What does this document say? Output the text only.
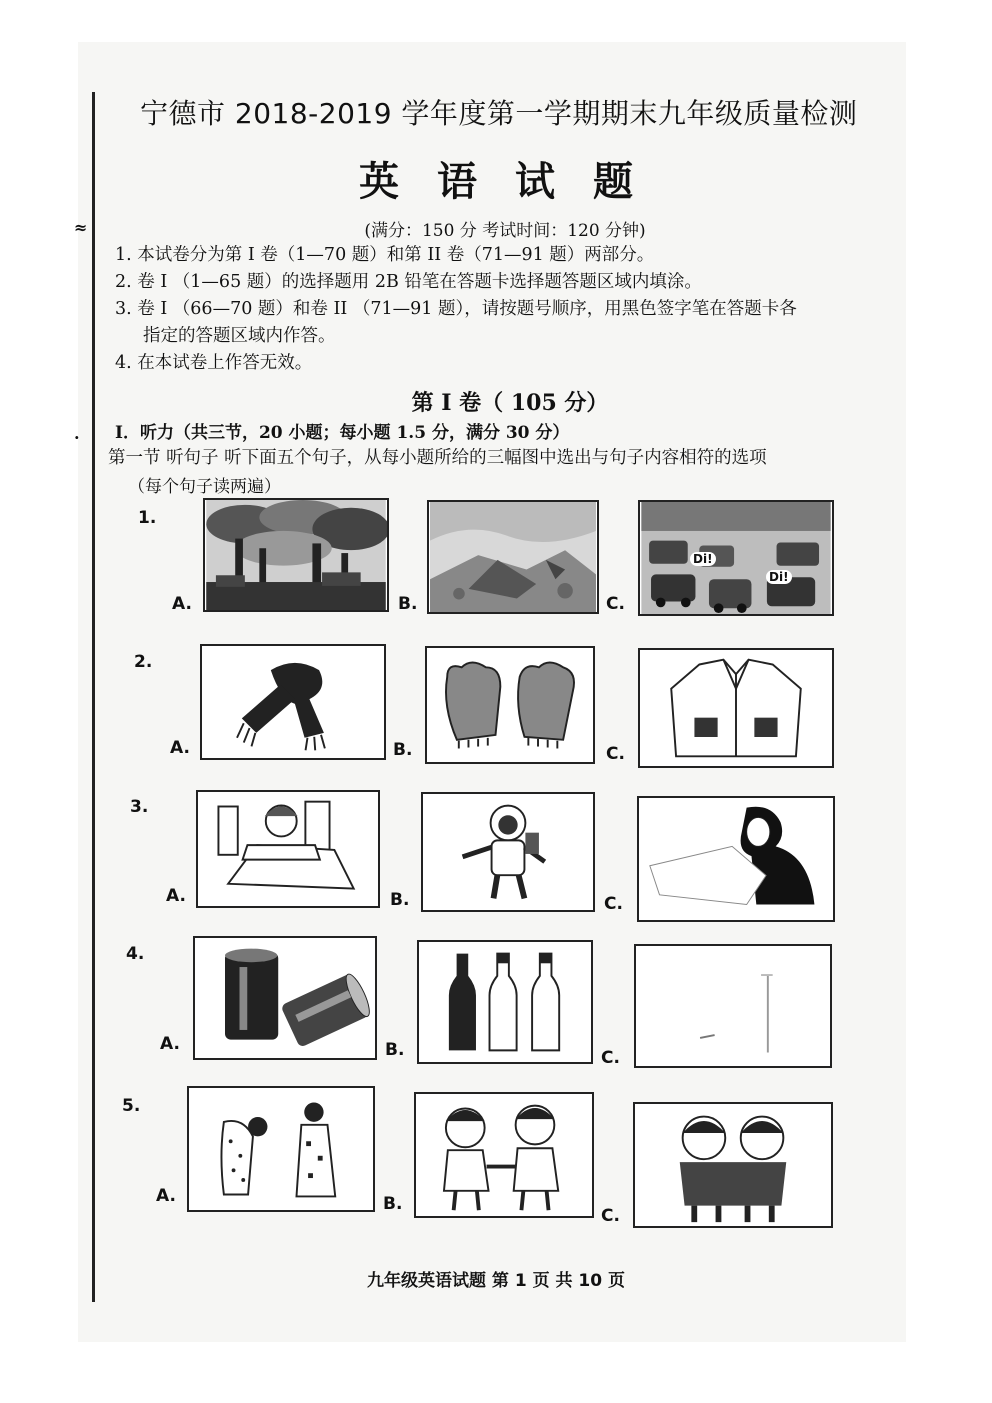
≈
·
宁德市 2018-2019 学年度第一学期期末九年级质量检测
英语试题
(满分：150 分 考试时间：120 分钟)
1. 本试卷分为第 I 卷（1—70 题）和第 II 卷（71—91 题）两部分。
2. 卷 I （1—65 题）的选择题用 2B 铅笔在答题卡选择题答题区域内填涂。
3. 卷 I （66—70 题）和卷 II （71—91 题），请按题号顺序，用黑色签字笔在答题卡各
指定的答题区域内作答。
4. 在本试卷上作答无效。
第 I 卷（ 105 分）
I．听力（共三节，20 小题；每小题 1.5 分，满分 30 分）
第一节 听句子 听下面五个句子，从每小题所给的三幅图中选出与句子内容相符的选项
（每个句子读两遍）
1.
A.	B.	C.
Di!
Di!
2.
A.	B.	C.
3.
A.	B.	C.
4.
A.	B.	C.
5.
A.	B.
C.
九年级英语试题 第 1 页 共 10 页
